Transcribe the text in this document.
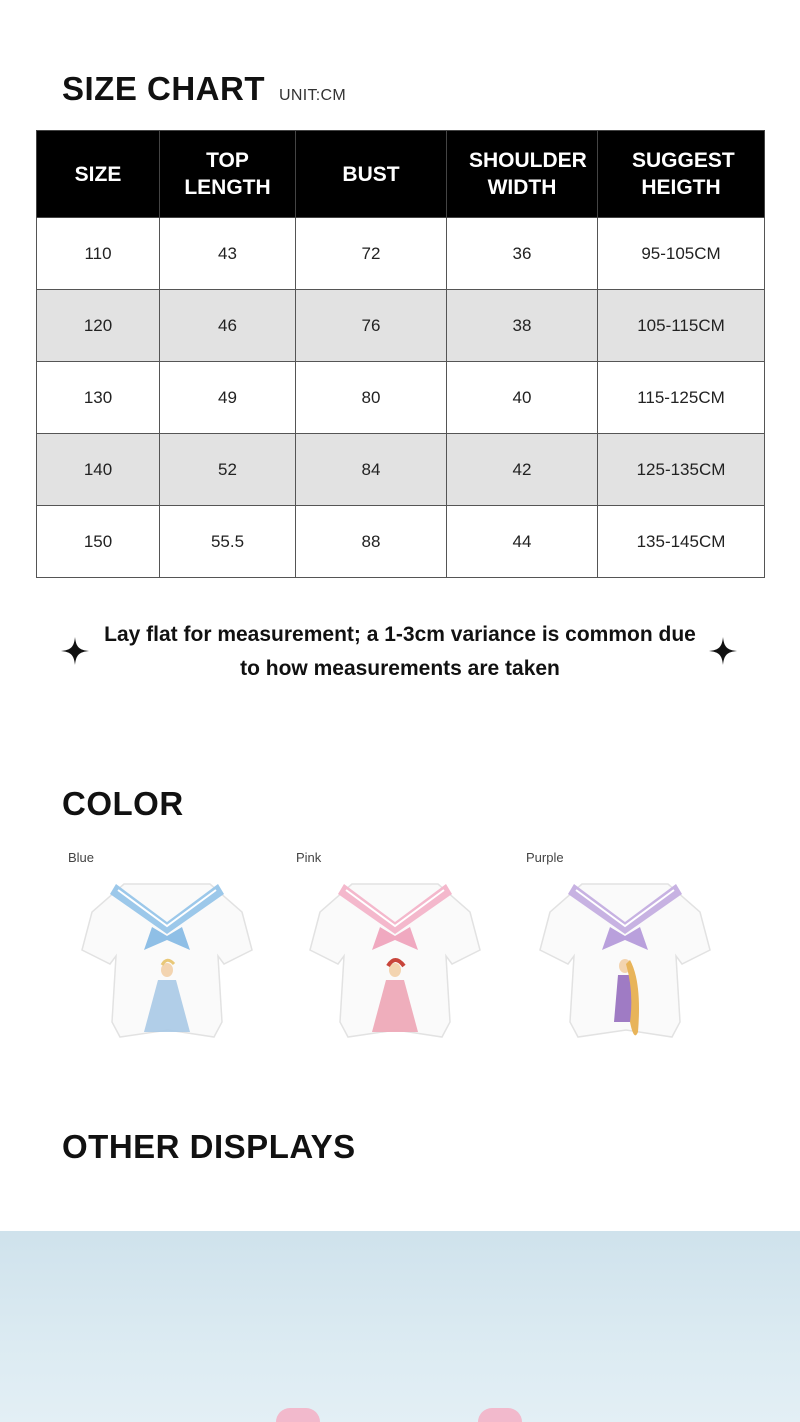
SIZE CHART UNIT:CM
SIZE	TOP LENGTH	BUST	SHOULDER WIDTH	SUGGEST HEIGTH
110	43	72	36	95-105CM
120	46	76	38	105-115CM
130	49	80	40	115-125CM
140	52	84	42	125-135CM
150	55.5	88	44	135-145CM
Lay flat for measurement; a 1-3cm variance is common due to how measurements are taken
COLOR
Blue	Pink	Purple
OTHER DISPLAYS
